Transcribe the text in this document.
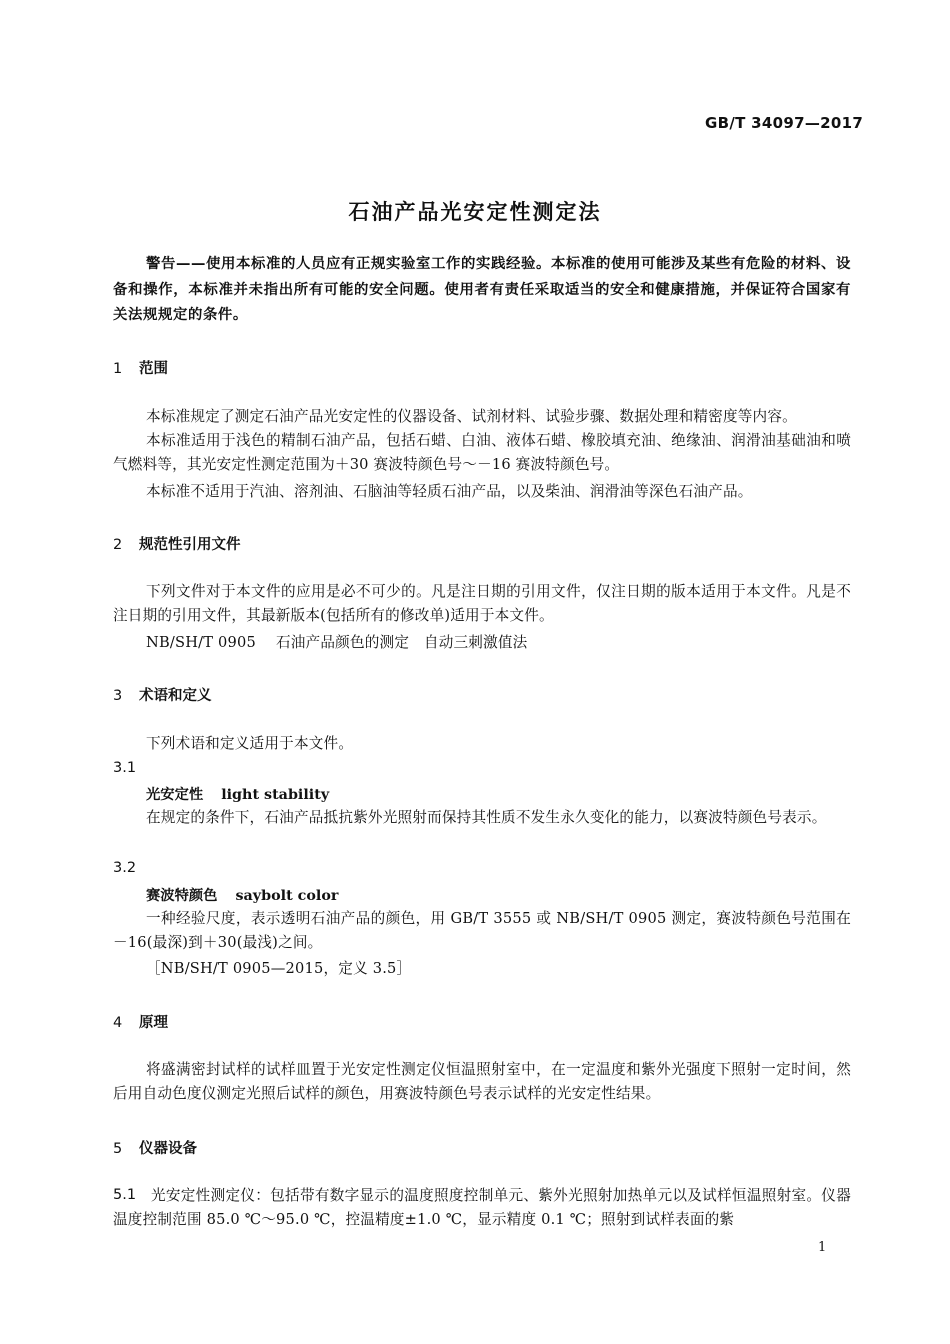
GB/T 34097—2017
石油产品光安定性测定法
警告——使用本标准的人员应有正规实验室工作的实践经验。本标准的使用可能涉及某些有危险的材料、设备和操作，本标准并未指出所有可能的安全问题。使用者有责任采取适当的安全和健康措施，并保证符合国家有关法规规定的条件。
1 范围
本标准规定了测定石油产品光安定性的仪器设备、试剂材料、试验步骤、数据处理和精密度等内容。
本标准适用于浅色的精制石油产品，包括石蜡、白油、液体石蜡、橡胶填充油、绝缘油、润滑油基础油和喷气燃料等，其光安定性测定范围为＋30 赛波特颜色号～－16 赛波特颜色号。
本标准不适用于汽油、溶剂油、石脑油等轻质石油产品，以及柴油、润滑油等深色石油产品。
2 规范性引用文件
下列文件对于本文件的应用是必不可少的。凡是注日期的引用文件，仅注日期的版本适用于本文件。凡是不注日期的引用文件，其最新版本(包括所有的修改单)适用于本文件。
NB/SH/T 0905 石油产品颜色的测定　自动三刺激值法
3 术语和定义
下列术语和定义适用于本文件。
3.1
光安定性 light stability
在规定的条件下，石油产品抵抗紫外光照射而保持其性质不发生永久变化的能力，以赛波特颜色号表示。
3.2
赛波特颜色 saybolt color
一种经验尺度，表示透明石油产品的颜色，用 GB/T 3555 或 NB/SH/T 0905 测定，赛波特颜色号范围在－16(最深)到＋30(最浅)之间。
［NB/SH/T 0905—2015，定义 3.5］
4 原理
将盛满密封试样的试样皿置于光安定性测定仪恒温照射室中，在一定温度和紫外光强度下照射一定时间，然后用自动色度仪测定光照后试样的颜色，用赛波特颜色号表示试样的光安定性结果。
5 仪器设备
5.1	光安定性测定仪：包括带有数字显示的温度照度控制单元、紫外光照射加热单元以及试样恒温照射室。仪器温度控制范围 85.0 ℃～95.0 ℃，控温精度±1.0 ℃，显示精度 0.1 ℃；照射到试样表面的紫
1
